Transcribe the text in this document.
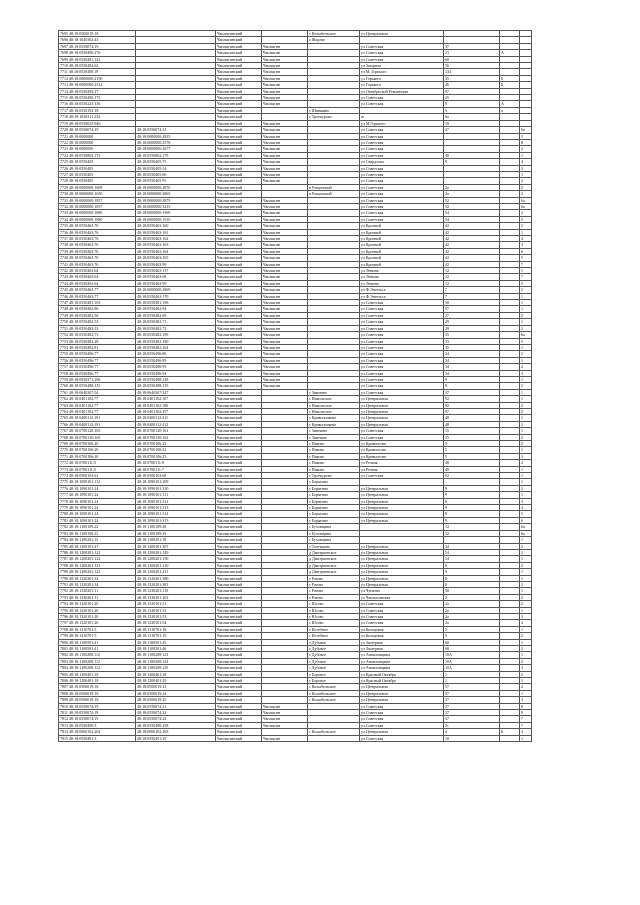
7695 48:18:0506019:18		Чаплыгинский		с Колыбельское	ул Центральная			
7696 48:18:1640302:43		Чаплыгинский		с Жадово				
7697 48:18:0550074:19		Чаплыгинский	Чаплыгин		ул Советская	37		
7698 48:18:0550490:276		Чаплыгинский	Чаплыгин		ул Советская	23	А	
7699 48:18:0550481:142		Чаплыгинский	Чаплыгин		ул Советская	60		
7710 48:18:0550484:62		Чаплыгинский	Чаплыгин		ул Загорная	56		
7711 48:18:0550480:19		Чаплыгинский	Чаплыгин		ул М. Горького	134		
7712 48:18:0000000:2190		Чаплыгинский	Чаплыгин		ул Горького	35	Б	
7713 48:18:0000000:2312		Чаплыгинский	Чаплыгин		ул Горького	46	Б	
7714 48:18:0550495:27		Чаплыгинский	Чаплыгин		ул Октябрьской Революции	97		
7715 48:18:0550490:175		Чаплыгинский	Чаплыгин		ул Советская	25		
7716 48:18:0550225:136		Чаплыгинский	Чаплыгин		ул Советская	8	А	
7717 48:18:0550192:18		Чаплыгинский		с Шишкино		5	а	
7718 48:18:1630311:234		Чаплыгинский		с Троекурово	ш	6а		
7719 48:18:0550025:946		Чаплыгинский	Чаплыгин		ул М.Горького	59		
7720 48:18:0550074:19	48:18:0550074:23	Чаплыгинский	Чаплыгин		ул Советская	37		6а
7721 48:18:0000000	48:18:0000000:2835	Чаплыгинский	Чаплыгин		ул Советская			5
7722 48:18:0000000	48:18:0000000:2576	Чаплыгинский	Чаплыгин		ул Советская			8
7723 48:18:0000000	48:18:0000000:2677	Чаплыгинский	Чаплыгин		ул Советская			2
7724 48:18:0550802:172	48:18:0550802:179	Чаплыгинский	Чаплыгин		ул Советская	40		1
7725 48:18:0550405	48:18:0550405:75	Чаплыгинский	Чаплыгин		ул Свердлова	9		4
7726 48:18:0550405	48:18:0550405:54	Чаплыгинский	Чаплыгин		ул Советская			3
7727 48:18:0550405	48:18:0550405:60	Чаплыгинский	Чаплыгин		ул Советская			1
7728 48:18:0550405	48:18:0550405:95	Чаплыгинский	Чаплыгин		ул Советская			2
7729 48:18:0000000:1608	48:18:0000000:2870	Чаплыгинский		п Рощинский	ул Советская	2а		2
7730 48:18:0000000:1650	48:18:0000000:2865	Чаплыгинский		п Рощинский	ул Советская	2а		2
7731 48:18:0000000:1857	48:18:0000000:2879	Чаплыгинский	Чаплыгин		ул Советская	52		6а
7732 48:18:0000000:1857	48:18:0000000:3215	Чаплыгинский	Чаплыгин		ул Советская	52		6а
7733 48:18:0000000:1880	48:18:0000000:1969	Чаплыгинский	Чаплыгин		ул Советская	54		2
7734 48:18:0000000:1880	48:18:0000000:1910	Чаплыгинский	Чаплыгин		ул Советская	54		5
7735 48:18:0550463:76	48:18:0550463:160	Чаплыгинский	Чаплыгин		ул Кронной	42		2
7736 48:18:0550463:76	48:18:0550463:161	Чаплыгинский	Чаплыгин		ул Кронной	42		1
7737 48:18:0550463:76	48:18:0550463:162	Чаплыгинский	Чаплыгин		ул Кронной	42		4
7738 48:18:0550463:76	48:18:0550463:163	Чаплыгинский	Чаплыгин		ул Кронной	42		3
7739 48:18:0550463:76	48:18:0550463:164	Чаплыгинский	Чаплыгин		ул Кронной	42		6
7740 48:18:0550463:76	48:18:0550463:165	Чаплыгинский	Чаплыгин		ул Кронной	42		5
7741 48:18:0550463:76	48:18:0550463:99	Чаплыгинский	Чаплыгин		ул Кронной	42		7
7742 48:18:0550463:64	48:18:0550463:137	Чаплыгинский	Чаплыгин		ул Ленина	12		1
7743 48:18:0550463:64	48:18:0550463:68	Чаплыгинский	Чаплыгин		ул Ленина	12		7
7744 48:18:0550463:64	48:18:0550463:99	Чаплыгинский	Чаплыгин		ул Ленина	12		5
7745 48:18:0550463:77	48:18:0000000:2869	Чаплыгинский	Чаплыгин		ул Ф.Энгельса	7		2
7746 48:18:0550463:77	48:18:0550463:170	Чаплыгинский	Чаплыгин		ул Ф.Энгельса	7		1
7747 48:18:0550481:163	48:18:0550481:196	Чаплыгинский	Чаплыгин		ул Советская	58		1
7748 48:18:0550482:86	48:18:0550482:94	Чаплыгинский	Чаплыгин		ул Советская	57		1
7749 48:18:0550482:58	48:18:0550482:69	Чаплыгинский	Чаплыгин		ул Советская	27		2
7750 48:18:0550482:53	48:18:0550482:71	Чаплыгинский	Чаплыгин		ул Советская	29		1
7751 48:18:0550482:53	48:18:0550482:72	Чаплыгинский	Чаплыгин		ул Советская	29		2
7752 48:18:0550482:73	48:18:0550482:189	Чаплыгинский	Чаплыгин		ул Советская	35		6а
7753 48:18:0550482:28	48:18:0550482:180	Чаплыгинский	Чаплыгин		ул Советская	33		5
7754 48:18:0550482:81	48:18:0550482:164	Чаплыгинский	Чаплыгин		ул Советская	35		1
7755 48:18:0550496:77	48:18:0550496:86	Чаплыгинский	Чаплыгин		ул Советская	34		2
7756 48:18:0550496:77	48:18:0550496:89	Чаплыгинский	Чаплыгин		ул Советская	34		1
7757 48:18:0550496:77	48:18:0550496:95	Чаплыгинский	Чаплыгин		ул Советская	34		2
7758 48:18:0550496:77	48:18:0550496:94	Чаплыгинский	Чаплыгин		ул Советская	34		3
7759 48:18:0550371:206	48:18:0550488:148	Чаплыгинский	Чаплыгин		ул Советская	9		1
7760 48:18:0550488:135	48:18:0550488:135	Чаплыгинский	Чаплыгин		ул Советская	9		2
7761 48:18:0640307:54	48:18:0640307:327	Чаплыгинский		с Зимнино	ул Советская	37		1
7762 48:18:0401102:77	48:18:0401102:107	Чаплыгинский		с Никольское	ул Центральная	92		1
7763 48:18:0401102:77	48:18:0401102:186	Чаплыгинский		с Никольское	ул Центральная	92		2
7764 48:18:0401102:77	48:18:0401102:157	Чаплыгинский		с Никольское	ул Центральная	97		2
7765 48:18:0400112:191	48:18:0400112:411	Чаплыгинский		с Кривополянье	ул Центральная	48		1
7766 48:18:0400112:191	48:18:0400112:412	Чаплыгинский		с Кривополянье	ул Центральная	48		2
7767 48:18:0700120:165	48:18:0700120:161	Чаплыгинский		с Зимнино	ул Советская	15		1
7768 48:18:0700120:165	48:18:0700120:162	Чаплыгинский		с Зимнино	ул Советская	15		2
7769 48:18:0700106:20	48:18:0700106:22	Чаплыгинский		с Пиково	ул Кривополье	5		2
7770 48:18:0700106:20	48:18:0700106:21	Чаплыгинский		с Пиково	ул Кривополье	5		1
7771 48:18:0700106:20	48:18:0700106:23	Чаплыгинский		с Пиково	ул Кривополье	5		3
7772 48:18:0700111:5	48:18:0700111:8	Чаплыгинский		с Пиково	ул Речная	40		2
7773 48:18:0700111:5	48:18:0700111:7	Чаплыгинский		с Пиково	ул Речная	40		1
7774 48:18:0500103:61	48:18:0500103:68	Чаплыгинский		с Троекурово	ул Советская	62		1
7775 48:18:1090101:112	48:18:1090101:209	Чаплыгинский		с Борятино				1
7776 48:18:1090101:24	48:18:1090101:310	Чаплыгинский		с Борятино	ул Центральная	9		2
7777 48:18:1090101:24	48:18:1090101:311	Чаплыгинский		с Борятино	ул Центральная	9		1
7778 48:18:1090101:24	48:18:1090101:312	Чаплыгинский		с Борятино	ул Центральная	9		3
7779 48:18:1090101:24	48:18:1090101:313	Чаплыгинский		с Борятино	ул Центральная	9		4
7780 48:18:1090101:24	48:18:1090101:314	Чаплыгинский		с Борятино	ул Центральная	9		5
7781 48:18:1090101:24	48:18:1090101:315	Чаплыгинский		с Борятино	ул Центральная	9		6
7782 48:18:1100109:22	48:18:1100109:38	Чаплыгинский		с Буховщина		12		6а
7783 48:18:1100109:22	48:18:1100109:39	Чаплыгинский		с Буховщина		12		6а
7784 48:18:1100201:15	48:18:1100201:18	Чаплыгинский		с Буховщина				1
7785 48:18:1200101:47	48:18:1200101:307	Чаплыгинский		с Топтыково	ул Центральная	34		2
7786 48:18:1200201:122	48:18:1200201:149	Чаплыгинский		д Дмитриевское	ул Центральная	54		2
7787 48:18:1200201:122	48:18:1200201:150	Чаплыгинский		д Дмитриевское	ул Центральная	54		1
7788 48:18:1200201:123	48:18:1200201:210	Чаплыгинский		д Дмитриевское	ул Центральная	9		2
7789 48:18:1200201:123	48:18:1200201:211	Чаплыгинский		д Дмитриевское	ул Центральная	9		1
7790 48:18:1320201:34	48:18:1320201:380	Чаплыгинский		с Ратово	ул Центральная	8		1
7791 48:18:1320201:34	48:18:1320201:381	Чаплыгинский		с Ратово	ул Центральная	8		2
7792 48:18:1330201:11	48:18:1330201:110	Чаплыгинский		с Ратово	ул Чупаева	50		1
7793 48:18:1330201:11	48:18:1330201:102	Чаплыгинский		с Ратово	ул Чаплыгинская	2		2
7794 48:18:1320101:20	48:18:1320101:51	Чаплыгинский		с Юсово	ул Советская	2а		2
7795 48:18:1320101:20	48:18:1320101:52	Чаплыгинский		с Юсово	ул Советская	2а		1
7796 48:18:1320101:20	48:18:1320101:53	Чаплыгинский		с Юсово	ул Советская	2а		3
7797 48:18:1320101:20	48:18:1320101:54	Чаплыгинский		с Юсово	ул Советская	2а		4
7798 48:18:1310701:5	48:18:1310701:18	Чаплыгинский		с Истобное	ул Кольцевая	5		1
7799 48:18:1310701:5	48:18:1310701:19	Чаплыгинский		с Истобное	ул Кольцевая	5		2
7800 48:18:1100501:41	48:18:1100501:45	Чаплыгинский		с Дубовое	ул Заозерная	68		1
7801 48:18:1100501:41	48:18:1100501:46	Чаплыгинский		с Дубовое	ул Заозерная	68		2
7802 48:18:1100208:112	48:18:1100208:123	Чаплыгинский		с Дубовое	ул Анпиловщина	10А		1
7803 48:18:1100208:112	48:18:1100208:124	Чаплыгинский		с Дубовое	ул Анпиловщина	10А		2
7804 48:18:1100208:112	48:18:1100208:125	Чаплыгинский		с Дубовое	ул Анпиловщина	10А		3
7805 48:18:1200401:18	48:18:1200401:28	Чаплыгинский		с Боровое	ул Красный Октябрь	1		2
7806 48:18:1200401:18	48:18:1200401:29	Чаплыгинский		с Боровое	ул Красный Октябрь	1		1
7807 48:18:0506019:18	48:18:0506019:23	Чаплыгинский		с Колыбельское	ул Центральная	57		2
7808 48:18:0506019:18	48:18:0506019:24	Чаплыгинский		с Колыбельское	ул Центральная	57		1
7809 48:18:0506019:18	48:18:0506019:25	Чаплыгинский		с Колыбельское	ул Центральная	57		3
7810 48:18:0550074:19	48:18:0550074:21	Чаплыгинский	Чаплыгин		ул Советская	37		8
7811 48:18:0550074:19	48:18:0550074:22	Чаплыгинский	Чаплыгин		ул Советская	37		9
7812 48:18:0550074:19	48:18:0550074:24	Чаплыгинский	Чаплыгин		ул Советская	37		7
7813 48:18:0550490:3	48:18:0550490:258	Чаплыгинский	Чаплыгин		ул Советская	2с		7
7814 48:18:0060102:204	48:18:0060102:263	Чаплыгинский		с Колыбельское	ул Центральная	4	Б	4
7815 48:18:0550491:3	48:18:0550491:29	Чаплыгинский	Чаплыгин		ул Советская	10		1
